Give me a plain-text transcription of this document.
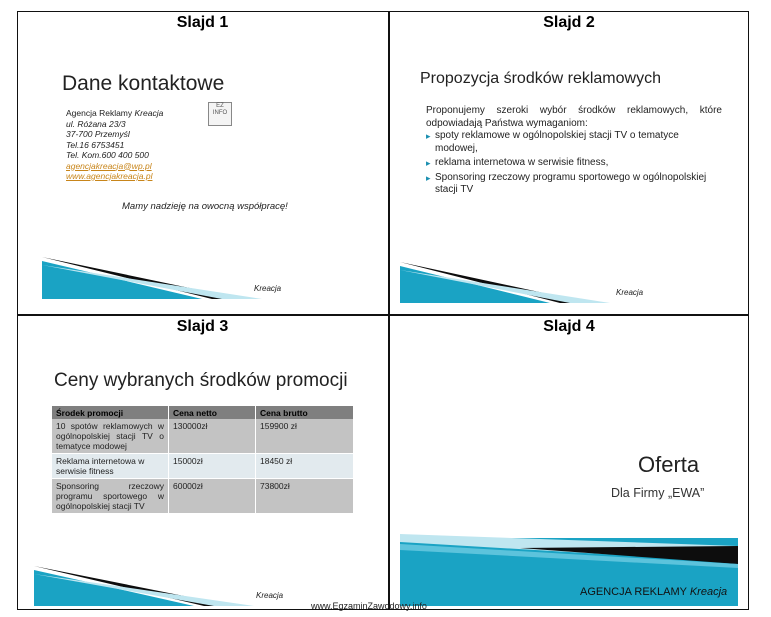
Slajd 1
Dane kontaktowe
Agencja Reklamy Kreacja
ul. Różana 23/3
37-700 Przemyśl
Tel.16 6753451
Tel. Kom.600 400 500
agencjakreacja@wp.pl
www.agencjakreacja.pl
EZ INFO
Mamy nadzieję na owocną współpracę!
Kreacja
Slajd 2
Propozycja środków reklamowych
Proponujemy szeroki wybór środków reklamowych, które odpowiadają Państwa wymaganiom:
▸ spoty reklamowe w ogólnopolskiej stacji TV o tematyce modowej,
▸ reklama internetowa w serwisie fitness,
▸ Sponsoring rzeczowy programu sportowego w ogólnopolskiej stacji TV
Kreacja
Slajd 3
Ceny wybranych środków promocji
Środek promocji	Cena netto	Cena brutto
10 spotów reklamowych w ogólnopolskiej stacji TV o tematyce modowej	130000zł	159900 zł
Reklama internetowa w serwisie fitness	15000zł	18450 zł
Sponsoring rzeczowy programu sportowego w ogólnopolskiej stacji TV	60000zł	73800zł
Kreacja
Slajd 4
Oferta
Dla Firmy „EWA”
AGENCJA REKLAMY Kreacja
www.EgzaminZawodowy.info
